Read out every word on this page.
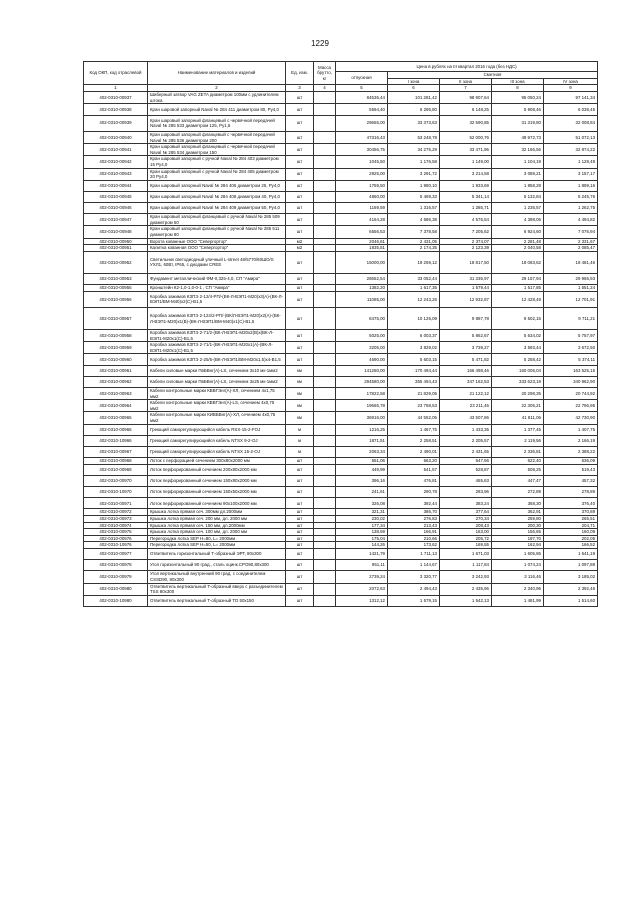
1229
Код ОКП, код отраслевой	Наименование материалов и изделий	Ед. изм.	Масса брутто, кг	Цена в рублях на III квартал 2016 года (без НДС)				
				отпускная	Сметная			
					I зона	II зона	III зона	IV зона
1	2	3	4	5	6	7	8	9
402-0310-00937	Шиберный затвор VAG ZETA диаметром 100мм с удлинителем штока	шт		84536,44	101 281,42	98 907,64	95 050,24	97 141,34
402-0310-00938	Кран шаровой запорный Naval № 284 411 диаметром 80, Ру4,0	шт		5594,40	6 295,80	6 148,25	5 908,46	6 038,45
402-0310-00939	Кран шаровый запорный фланцевый с червячной передачей Naval № 285 533 диаметром 125, Ру1,6	шт		29655,00	33 373,63	32 590,85	31 319,80	32 008,84
402-0310-00940	Кран шаровый запорный фланцевый с червячной передачей Naval № 285 536 диаметром 200	шт		47316,43	53 248,78	52 000,76	49 972,73	51 072,13
402-0310-00941	Кран шаровый запорный фланцевый с червячной передачей Naval № 285 534 диаметром 150	шт		30456,75	34 275,29	33 471,96	32 166,56	32 874,22
402-0310-00942	Кран шаровый запорный с ручкой Naval № 284 403 диаметром 15 Ру4,0	шт		1045,50	1 176,58	1 149,00	1 104,19	1 128,49
402-0310-00943	Кран шаровый запорный с ручкой Naval № 284 405 диаметром 20 Ру4,0	шт		2925,00	3 291,72	3 214,58	3 089,21	3 157,17
402-0310-00944	Кран шаровый запорный Naval № 284 406 диаметром 25, Ру4,0	шт		1759,50	1 980,10	1 933,69	1 858,28	1 899,16
402-0310-00945	Кран шаровый запорный Naval № 284 408 диаметром 40, Ру4,0	шт		4860,00	5 469,33	5 341,14	5 132,84	5 245,76
402-0310-00946	Кран шаровый запорный Naval № 284 409 диаметром 50, Ру4,0	шт		1169,59	1 316,57	1 285,71	1 235,57	1 262,75
402-0310-00947	Кран шаровый запорный фланцевый с ручкой Naval № 285 509 диаметром 50	шт		4164,28	4 686,38	4 576,54	4 398,06	4 494,82
402-0310-00948	Кран шаровый запорный фланцевый с ручкой Naval № 285 511 диаметром 80	шт		6556,53	7 378,58	7 205,62	6 924,60	7 076,94
402-0310-00950	Ворота кованные ООО "Севергортор"	м2		2046,61	2 431,05	2 374,07	2 281,48	2 331,67
402-0310-00951	Калитка кованная ООО "Севергортор"	м2		1835,51	2 174,35	2 123,39	2 040,58	2 085,47
402-0310-00952	Светильник светодиодный уличный L-street 48/5770/60ШО/S УХЛ1, 60Вт, IP65, с диодами CREE	шт		15000,00	19 269,12	18 817,50	18 083,62	18 481,46
402-0310-00953	Фундамент металлический ФМ-0,325-4,0, СП "Амира"	шт		28652,54	33 052,44	31 335,97	29 157,94	29 965,93
402-0310-00955	Кронштейн К2-1,0-1,0-0-1 , СП "Амира"	шт		1382,20	1 617,35	1 579,44	1 517,85	1 551,24
402-0310-00956	Коробка зажимов КЗПЭ 2-12/4-РП/-(ВК-Л-ВЭП1-М20)х3(А)-(ВК-Л-ВЭП1/ВМ-М40)х2(С)-В1,5	шт		11085,00	12 243,26	12 932,87	12 428,49	12 701,91
402-0310-00957	Коробка зажимов КЗПЭ 2-124/2-РП/-(ВК/Л-ВЭП1-М20)х2(А)-(ВК-Л-ВЭП1-М20)х1(В)-(ВК-Л-ВЭП1/ВМ-М40)х1(С)-В1,5	шт		8475,00	10 125,09	9 887,78	9 502,15	9 711,21
402-0310-00958	Коробка зажимов КЗПЭ 2-71/2-(ВК-Л-ВЭП1-М20х2(В)х(ВК-Л-ВЭП1-М20х1(С)-В1,5	шт		5025,00	6 003,37	5 862,67	5 634,02	5 757,97
402-0310-00959	Коробка зажимов КЗПЭ 2-71/1-(ВК-Л-ВЭП1-М20х1(А)-(ВК-Л-ВЭП1-М20х1(С)-В1,5	шт		3205,00	3 829,02	3 739,27	3 593,44	3 672,50
402-0310-00960	Коробка зажимов КЗПЭ 2-25/5-(ВК-Л-ВЭП1/ВМ-М20х1,5)х4-В1,5	шт		4690,00	5 603,15	5 471,82	5 258,42	5 374,11
402-0310-00961	Кабели силовые марки ПвБВнг(А)-LS, сечением 3х10 мк-1мм2	км		141260,00	170 494,44	166 498,46	160 005,04	163 525,15
402-0310-00962	Кабели силовые марки ПвБВнг(А)-LS, сечением 3х25 мк-1мм2	км		294580,00	355 494,43	347 162,53	333 623,19	340 962,90
402-0310-00963	Кабели контрольные марки КВВГЭнг(А)-ХЛ, сечением 4х1,75 мм2	км		17822,58	21 829,05	21 122,12	20 298,35	20 744,92
402-0310-00964	Кабели контрольные марки КВВГЭнг(А)-LS, сечением 4х0,75 мм2	км		19665,78	23 768,53	23 211,46	22 305,21	22 796,95
402-0310-00965	Кабели контрольные марки КИВБВнг(А)-ХЛ, сечением 4х0,75 мм2	км		36916,00	44 552,05	43 507,86	41 811,06	42 730,90
402-0310-00966	Греющий саморегулирующийся кабель RSX-15-2-FOJ	м		1216,25	1 467,75	1 433,35	1 377,45	1 407,75
402-0310-10966	Греющий саморегулирующийся кабель NTSX 9-2-OJ	м		1871,51	2 258,51	2 205,57	2 119,56	2 166,19
402-0310-00967	Греющий саморегулирующийся кабель NTSX 15-2-OJ	м		2063,34	2 490,01	2 431,65	2 336,81	2 388,22
402-0310-00968	Лоток с перфорацией сечением 300х80х2000 мм	шт		551,06	663,20	647,66	622,40	636,09
402-0310-00969	Лоток перфорированный сечением 200х80х2000 мм	шт		449,99	541,57	528,87	508,25	519,43
402-0310-00970	Лоток перфорированный сечением 150х80х2000 мм	шт		396,16	476,81	465,63	447,47	457,32
402-0310-10970	Лоток перфорированный сечением 150х50х2000 мм	шт		241,61	290,78	283,96	272,89	278,89
402-0310-00971	Лоток перфорированный сечением 90х100х2000 мм	шт		326,08	392,44	383,24	368,30	376,40
402-0310-00972	Крышка лотка прямая сеч. 300мм дл.2000мм	шт		321,31	386,70	377,64	362,91	370,89
402-0310-00973	Крышка лотка прямая сеч. 200 мм, дл. 2000 мм	шт		230,02	276,83	270,34	259,80	265,51
402-0310-00974	Крышка лотка прямая сеч. 150 мм, дл.2000мм	шт		177,34	213,43	208,43	200,30	204,71
402-0310-00975	Крышка лотка прямая сеч. 100 мм, дл. 2000 мм	шт		138,69	166,91	163,00	156,65	160,09
402-0310-00976	Перегородка лотка SEP H=80, L= 2000мм	шт		175,04	210,66	205,72	197,70	202,05
402-0310-10976	Перегородка лотка SEP H=50, L= 2000мм	шт		144,26	173,62	169,55	162,94	166,52
402-0310-00977	Ответвитель горизонтальный Т-образный ЭРТ, 80х300	шт		1421,79	1 711,13	1 671,03	1 605,86	1 641,19
402-0310-00978	Угол горизонтальный 90 град., сталь оцинк.CPO90,80х300	шт		951,11	1 144,67	1 117,84	1 074,24	1 097,88
402-0310-00979	Угол вертикальный внутренний 90 град. с соединителем CSSD90, 80х300	шт		2739,24	3 320,77	3 242,93	3 116,46	3 185,02
402-0310-00980	Ответвитель вертикальный Т-образный вверх с разъединителем TSS 80х300	шт		2072,63	2 494,43	2 435,96	2 340,96	2 392,46
402-0310-10980	Ответвитель вертикальный Т-образный ТD 50х150	шт		1312,12	1 579,15	1 542,13	1 481,99	1 514,60
